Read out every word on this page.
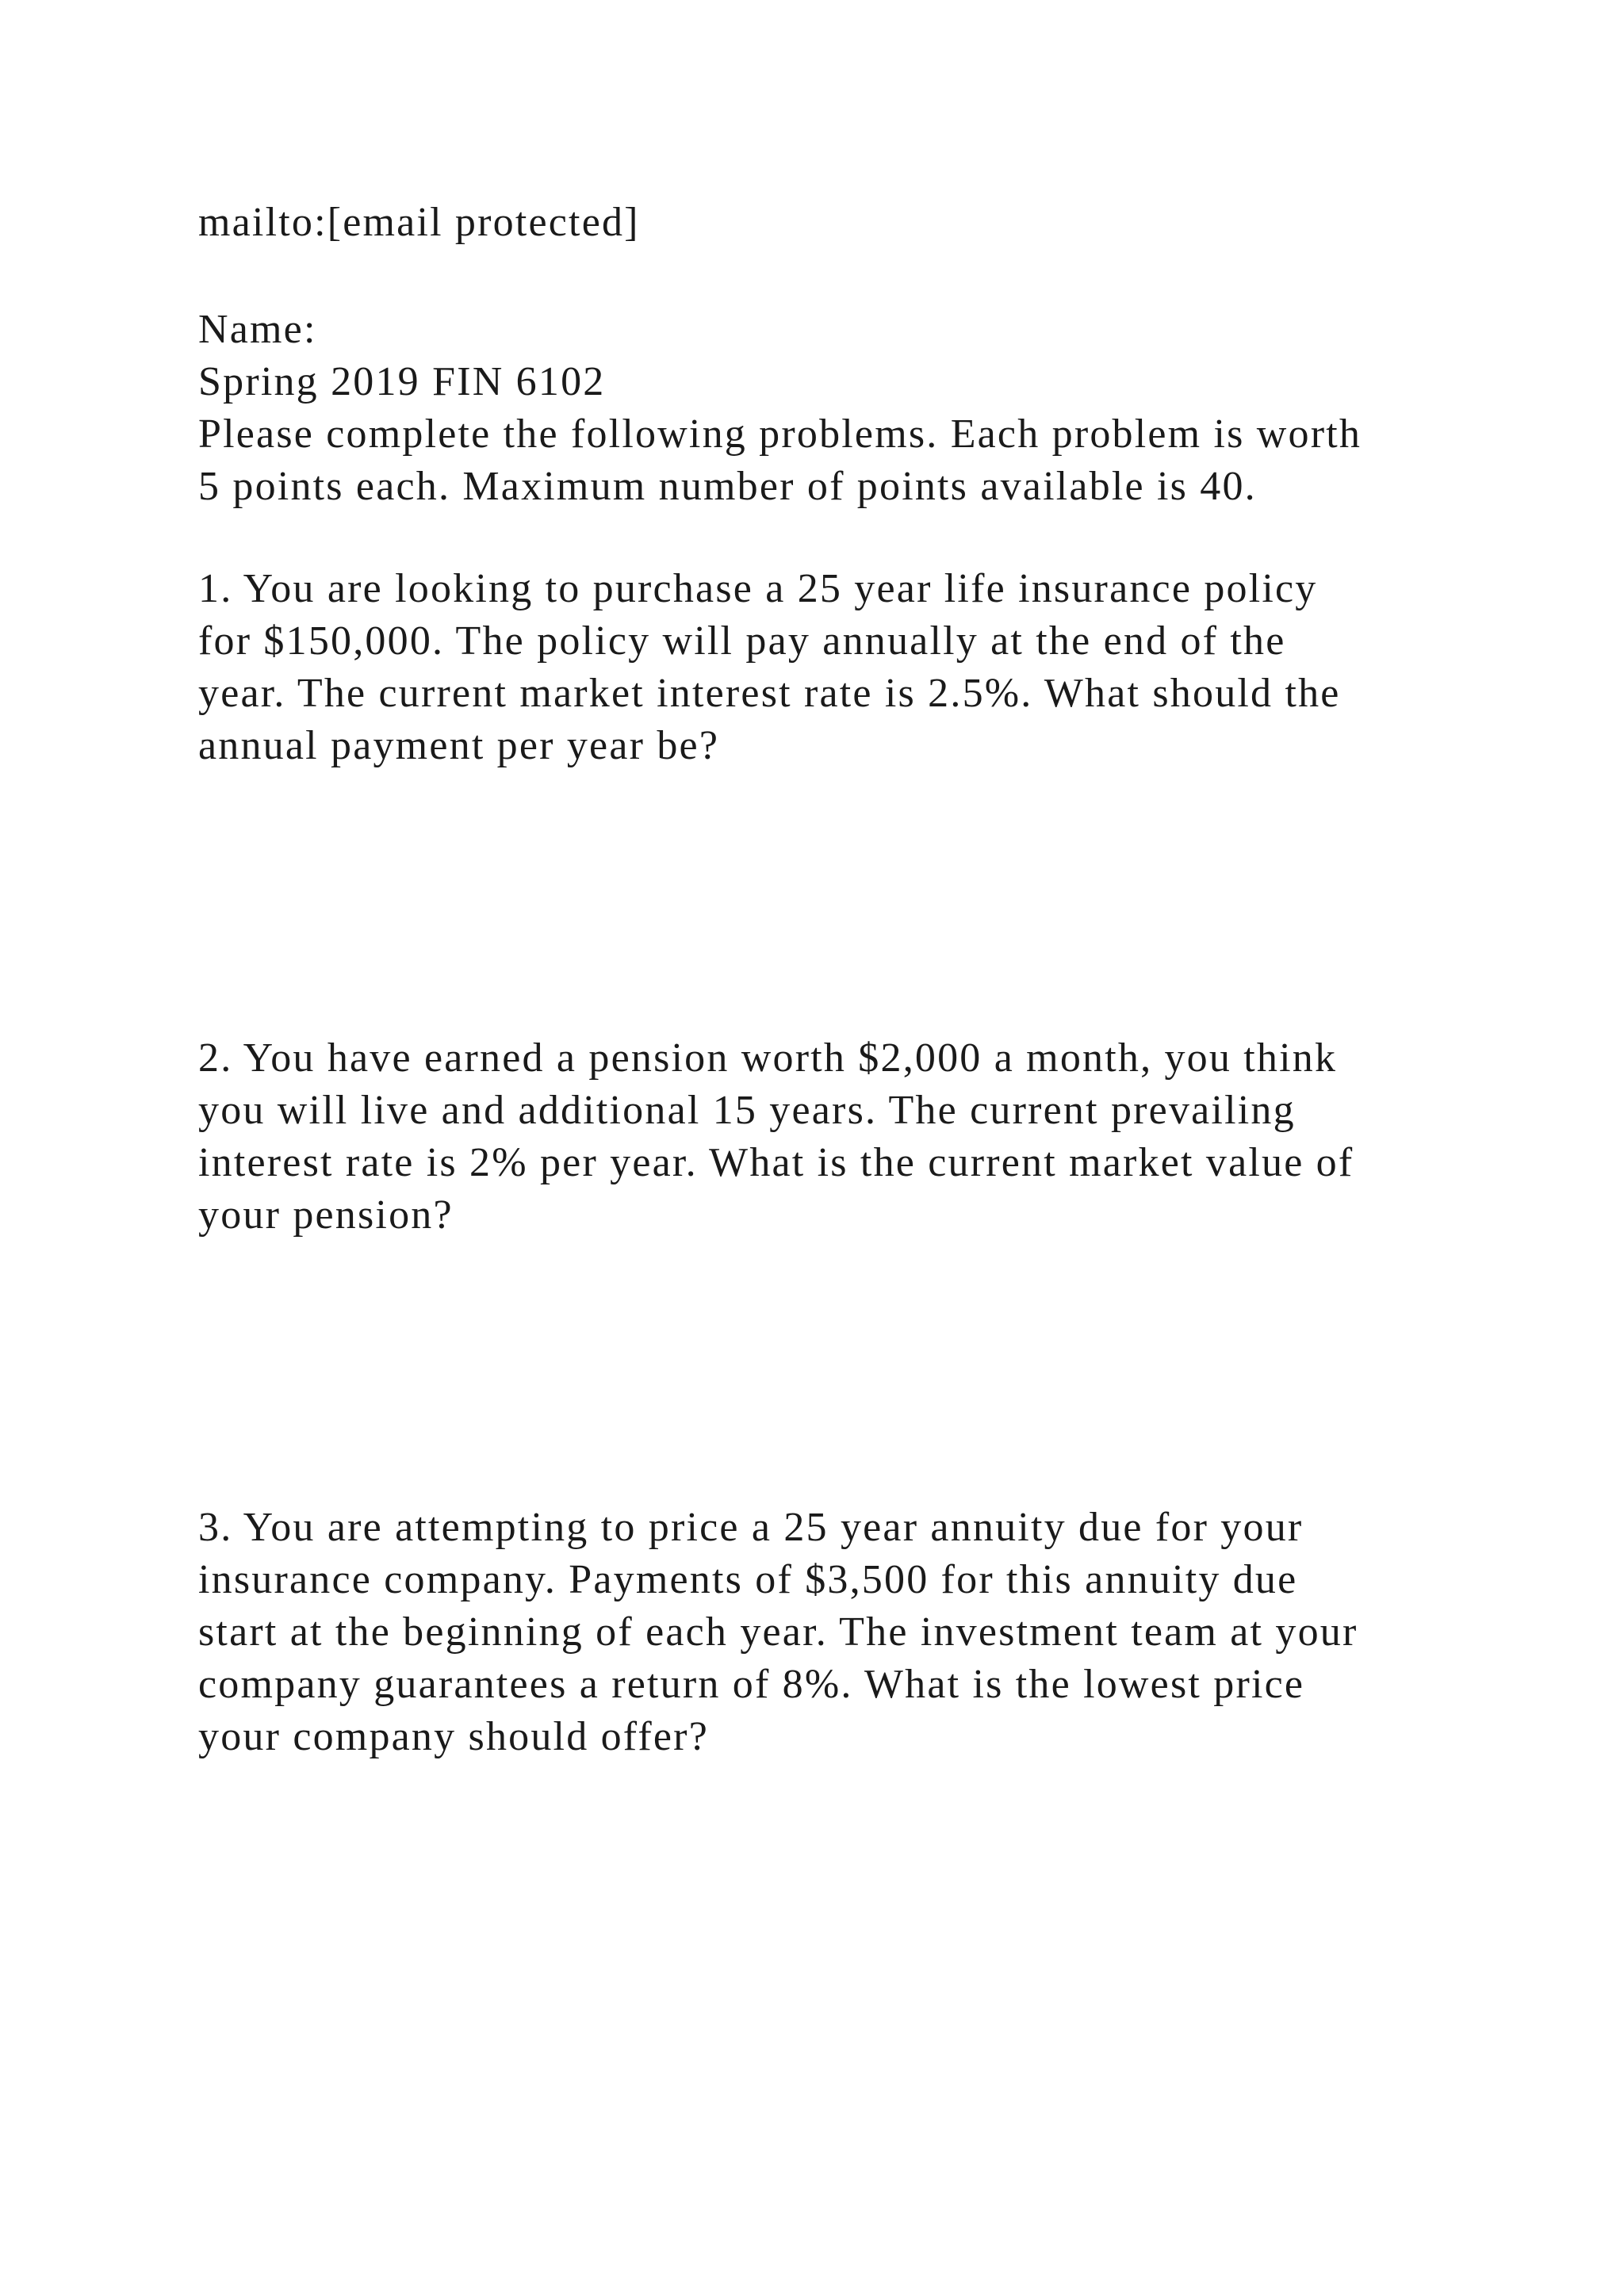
mailto:[email protected]

Name:

Spring 2019 FIN 6102

Please complete the following problems. Each problem is worth

5 points each. Maximum number of points available is 40.

1. You are looking to purchase a 25 year life insurance policy

for $150,000. The policy will pay annually at the end of the

year. The current market interest rate is 2.5%. What should the

annual payment per year be?

2. You have earned a pension worth $2,000 a month, you think

you will live and additional 15 years. The current prevailing

interest rate is 2% per year. What is the current market value of

your pension?

3. You are attempting to price a 25 year annuity due for your

insurance company. Payments of $3,500 for this annuity due

start at the beginning of each year. The investment team at your

company guarantees a return of 8%. What is the lowest price

your company should offer?
